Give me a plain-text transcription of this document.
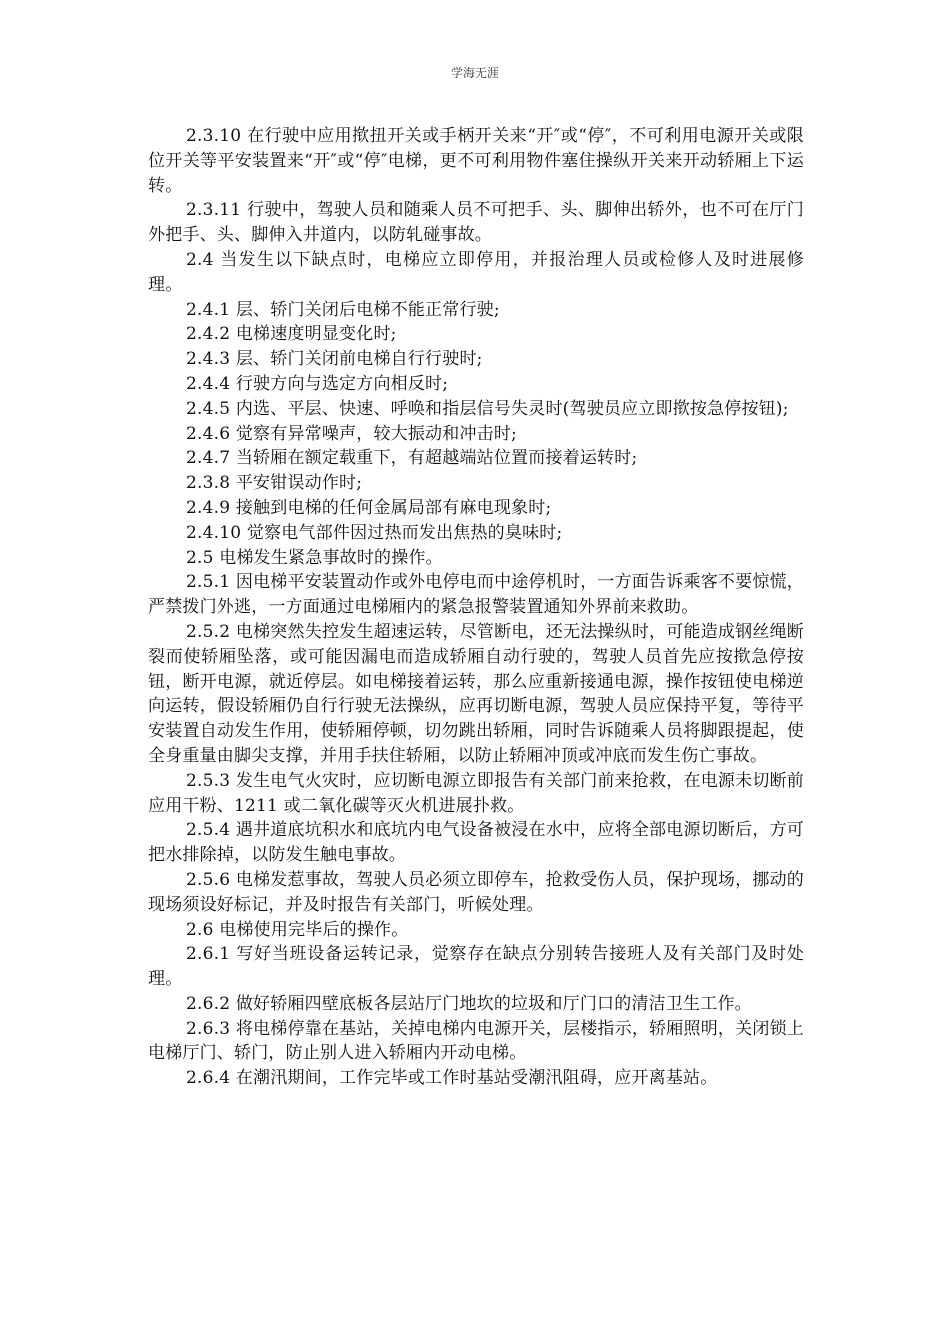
学海无涯

2.3.10 在行驶中应用揿扭开关或手柄开关来“开″或“停″，不可利用电源开关或限位开关等平安装置来“开″或“停″电梯，更不可利用物件塞住操纵开关来开动轿厢上下运转。

2.3.11 行驶中，驾驶人员和随乘人员不可把手、头、脚伸出轿外，也不可在厅门外把手、头、脚伸入井道内，以防轧碰事故。

2.4 当发生以下缺点时，电梯应立即停用，并报治理人员或检修人及时进展修理。

2.4.1 层、轿门关闭后电梯不能正常行驶;

2.4.2 电梯速度明显变化时;

2.4.3 层、轿门关闭前电梯自行行驶时;

2.4.4 行驶方向与选定方向相反时;

2.4.5 内选、平层、快速、呼唤和指层信号失灵时(驾驶员应立即揿按急停按钮);

2.4.6 觉察有异常噪声，较大振动和冲击时;

2.4.7 当轿厢在额定载重下，有超越端站位置而接着运转时;

2.3.8 平安钳误动作时;

2.4.9 接触到电梯的任何金属局部有麻电现象时;

2.4.10 觉察电气部件因过热而发出焦热的臭味时;

2.5 电梯发生紧急事故时的操作。

2.5.1 因电梯平安装置动作或外电停电而中途停机时，一方面告诉乘客不要惊慌，严禁拨门外逃，一方面通过电梯厢内的紧急报警装置通知外界前来救助。

2.5.2 电梯突然失控发生超速运转，尽管断电，还无法操纵时，可能造成钢丝绳断裂而使轿厢坠落，或可能因漏电而造成轿厢自动行驶的，驾驶人员首先应按揿急停按钮，断开电源，就近停层。如电梯接着运转，那么应重新接通电源，操作按钮使电梯逆向运转，假设轿厢仍自行行驶无法操纵，应再切断电源，驾驶人员应保持平复，等待平安装置自动发生作用，使轿厢停顿，切勿跳出轿厢，同时告诉随乘人员将脚跟提起，使全身重量由脚尖支撑，并用手扶住轿厢，以防止轿厢冲顶或冲底而发生伤亡事故。

2.5.3 发生电气火灾时，应切断电源立即报告有关部门前来抢救，在电源未切断前应用干粉、1211 或二氧化碳等灭火机进展扑救。

2.5.4 遇井道底坑积水和底坑内电气设备被浸在水中，应将全部电源切断后，方可把水排除掉，以防发生触电事故。

2.5.6 电梯发惹事故，驾驶人员必须立即停车，抢救受伤人员，保护现场，挪动的现场须设好标记，并及时报告有关部门，听候处理。

2.6 电梯使用完毕后的操作。

2.6.1 写好当班设备运转记录，觉察存在缺点分别转告接班人及有关部门及时处理。

2.6.2 做好轿厢四壁底板各层站厅门地坎的垃圾和厅门口的清洁卫生工作。

2.6.3 将电梯停靠在基站，关掉电梯内电源开关，层楼指示，轿厢照明，关闭锁上电梯厅门、轿门，防止别人进入轿厢内开动电梯。

2.6.4 在潮汛期间，工作完毕或工作时基站受潮汛阻碍，应开离基站。
